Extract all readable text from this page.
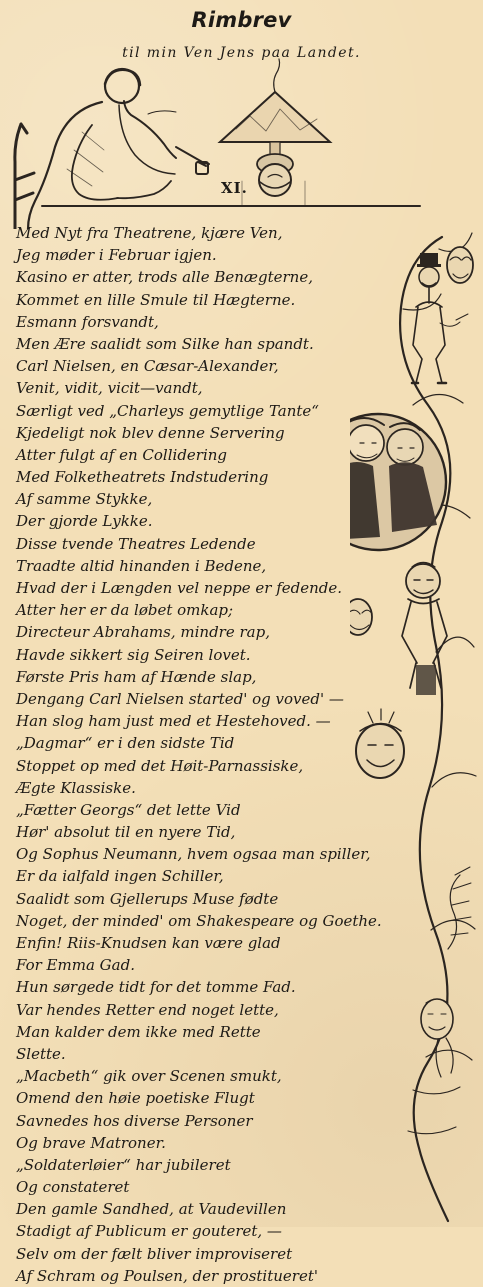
Rimbrev
til min Ven Jens paa Landet.
XI.
Med Nyt fra Theatrene, kjære Ven,
Jeg møder i Februar igjen.
Kasino er atter, trods alle Benægterne,
Kommet en lille Smule til Hægterne.
Esmann forsvandt,
Men Ære saalidt som Silke han spandt.
Carl Nielsen, en Cæsar-Alexander,
Venit, vidit, vicit—vandt,
Særligt ved „Charleys gemytlige Tante“
Kjedeligt nok blev denne Servering
Atter fulgt af en Collidering
Med Folketheatrets Indstudering
Af samme Stykke,
Der gjorde Lykke.
Disse tvende Theatres Ledende
Traadte altid hinanden i Bedene,
Hvad der i Længden vel neppe er fedende.
Atter her er da løbet omkap;
Directeur Abrahams, mindre rap,
Havde sikkert sig Seiren lovet.
Første Pris ham af Hænde slap,
Dengang Carl Nielsen started' og voved' —
Han slog ham just med et Hestehoved. —
„Dagmar“ er i den sidste Tid
Stoppet op med det Høit-Parnassiske,
Ægte Klassiske.
„Fætter Georgs“ det lette Vid
Hør' absolut til en nyere Tid,
Og Sophus Neumann, hvem ogsaa man spiller,
Er da ialfald ingen Schiller,
Saalidt som Gjellerups Muse fødte
Noget, der minded' om Shakespeare og Goethe.
Enfin! Riis-Knudsen kan være glad
For Emma Gad.
Hun sørgede tidt for det tomme Fad.
Var hendes Retter end noget lette,
Man kalder dem ikke med Rette
Slette.
„Macbeth“ gik over Scenen smukt,
Omend den høie poetiske Flugt
Savnedes hos diverse Personer
Og brave Matroner.
„Soldaterløier“ har jubileret
Og constateret
Den gamle Sandhed, at Vaudevillen
Stadigt af Publicum er gouteret, —
Selv om der fælt bliver improviseret
Af Schram og Poulsen, der prostitueret'
